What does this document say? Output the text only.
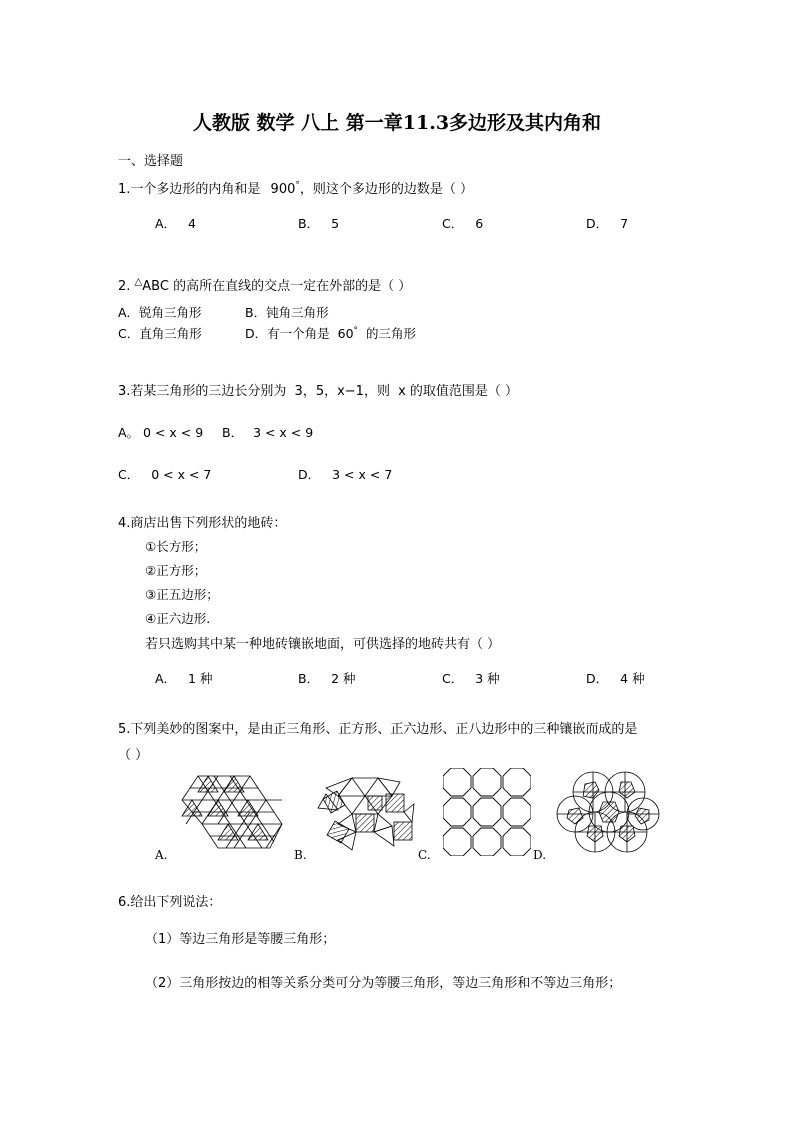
人教版 数学 八上 第一章11.3多边形及其内角和
一、选择题
1.一个多边形的内角和是 900°，则这个多边形的边数是（ ）
A． 4	B． 5	C． 6	D． 7
2. △ABC 的高所在直线的交点一定在外部的是（ ）
A．锐角三角形	B．钝角三角形
C．直角三角形	D．有一个角是 60° 的三角形
3.若某三角形的三边长分别为 3，5，x−1，则 x 的取值范围是（ ）
A。 0 < x < 9 B． 3 < x < 9
C． 0 < x < 7	D． 3 < x < 7
4.商店出售下列形状的地砖：
①长方形；
②正方形；
③正五边形；
④正六边形.
若只选购其中某一种地砖镶嵌地面，可供选择的地砖共有（ ）
A． 1 种	B． 2 种	C． 3 种	D． 4 种
5.下列美妙的图案中，是由正三角形、正方形、正六边形、正八边形中的三种镶嵌而成的是
（ ）
A.	B.	C.	D.
6.给出下列说法：
（1）等边三角形是等腰三角形；
（2）三角形按边的相等关系分类可分为等腰三角形，等边三角形和不等边三角形；
